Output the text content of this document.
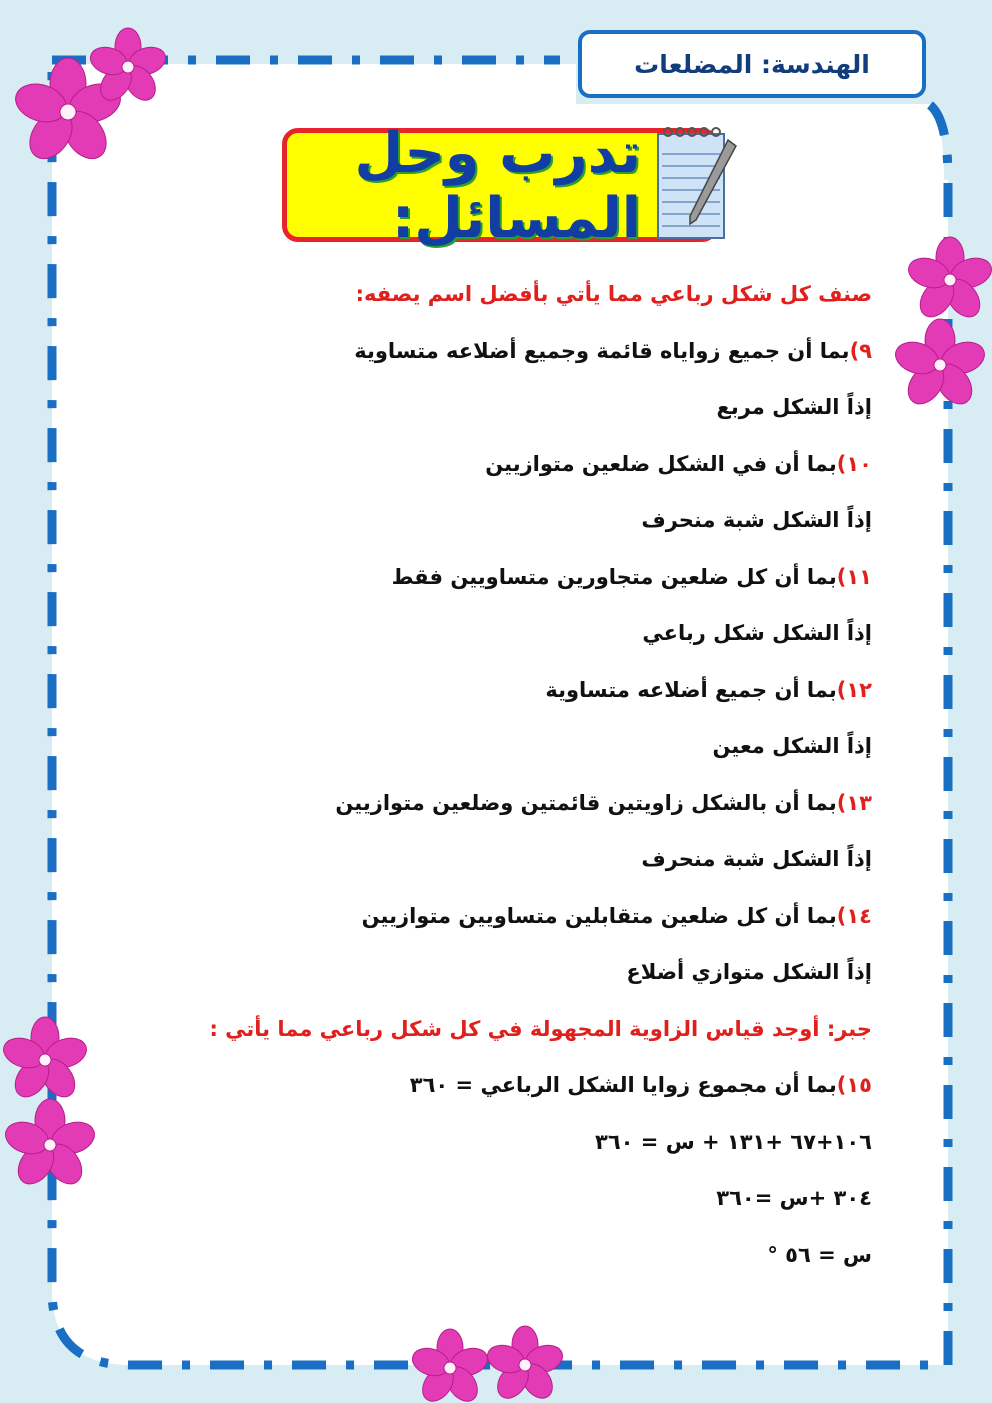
الهندسة: المضلعات
تدرب وحل المسائل:
صنف كل شكل رباعي مما يأتي بأفضل اسم يصفه:
٩)بما أن جميع زواياه قائمة وجميع أضلاعه متساوية
إذاً الشكل مربع
١٠)بما أن في الشكل ضلعين متوازيين
إذاً الشكل شبة منحرف
١١)بما أن كل ضلعين متجاورين متساويين فقط
إذاً الشكل شكل رباعي
١٢)بما أن جميع أضلاعه متساوية
إذاً الشكل معين
١٣)بما أن بالشكل زاويتين قائمتين وضلعين متوازيين
إذاً الشكل شبة منحرف
١٤)بما أن كل ضلعين متقابلين متساويين متوازيين
إذاً الشكل متوازي أضلاع
جبر: أوجد قياس الزاوية المجهولة في كل شكل رباعي مما يأتي :
١٥)بما أن مجموع زوايا الشكل الرباعي = ٣٦٠
١٠٦+٦٧ +١٣١ + س = ٣٦٠
٣٠٤ +س =٣٦٠
س = ٥٦ °
